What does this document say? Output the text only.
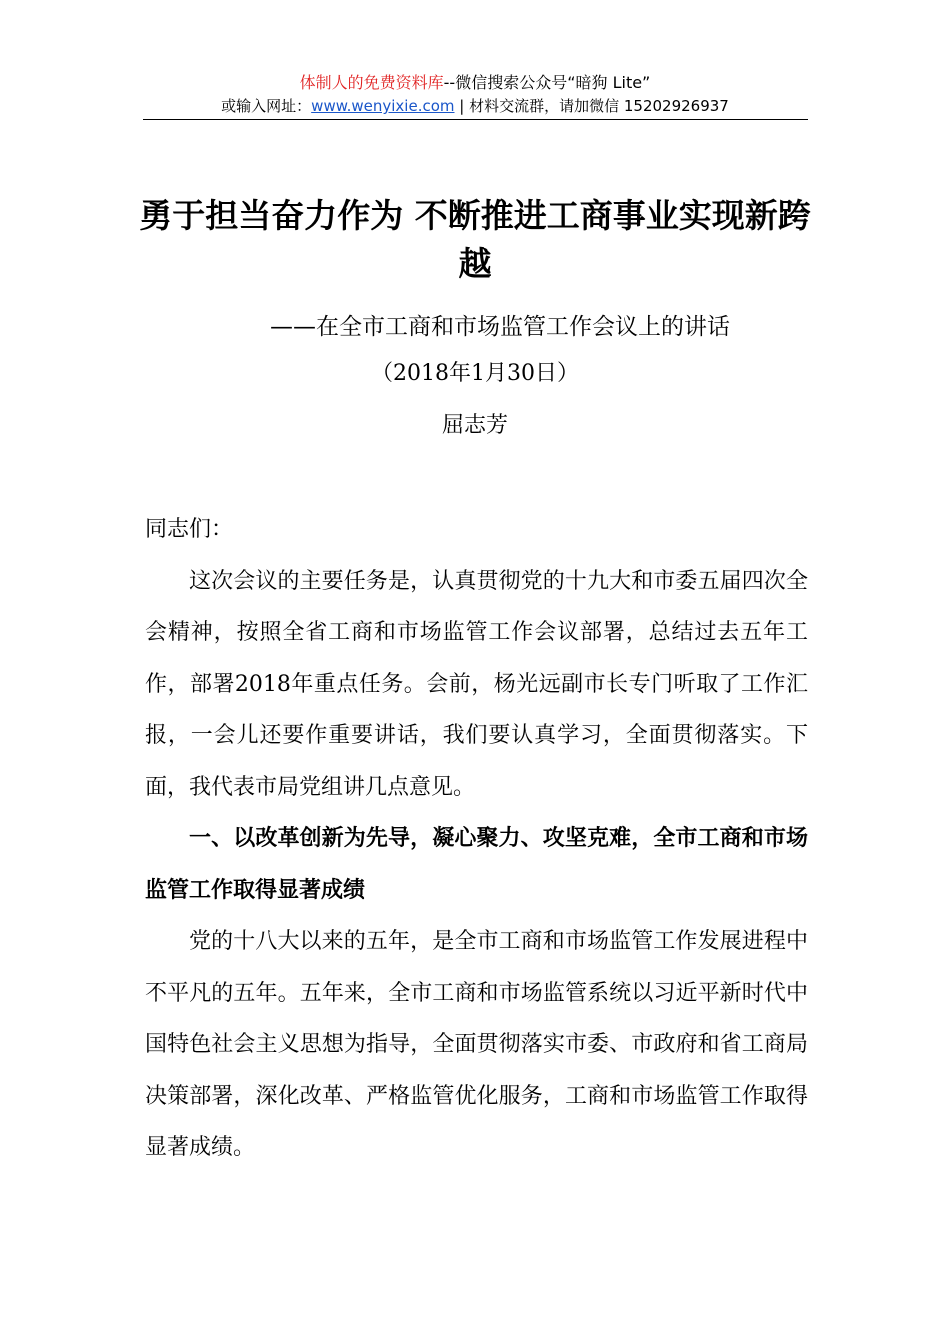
体制人的免费资料库--微信搜索公众号“暗狗 Lite”
或输入网址：www.wenyixie.com | 材料交流群，请加微信 15202926937
勇于担当奋力作为 不断推进工商事业实现新跨越
——在全市工商和市场监管工作会议上的讲话
（2018年1月30日）
屈志芳

同志们：

这次会议的主要任务是，认真贯彻党的十九大和市委五届四次全会精神，按照全省工商和市场监管工作会议部署，总结过去五年工作，部署2018年重点任务。会前，杨光远副市长专门听取了工作汇报，一会儿还要作重要讲话，我们要认真学习，全面贯彻落实。下面，我代表市局党组讲几点意见。

一、以改革创新为先导，凝心聚力、攻坚克难，全市工商和市场监管工作取得显著成绩

党的十八大以来的五年，是全市工商和市场监管工作发展进程中不平凡的五年。五年来，全市工商和市场监管系统以习近平新时代中国特色社会主义思想为指导，全面贯彻落实市委、市政府和省工商局决策部署，深化改革、严格监管优化服务，工商和市场监管工作取得显著成绩。
